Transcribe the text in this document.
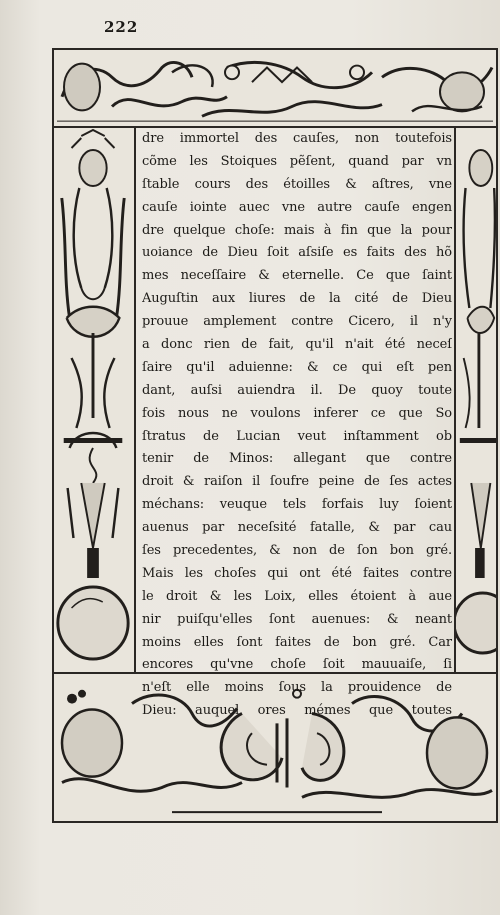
222
dre immortel des cauſes, non toutefois
cõme les Stoiques pẽſent, quand par vn
ſtable cours des étoilles & aſtres, vne
cauſe iointe auec vne autre cauſe engen
dre quelque choſe: mais à fin que la pour
uoiance de Dieu ſoit aſsiſe es faits des hõ
mes neceſſaire & eternelle. Ce que ſaint
Auguſtin aux liures de la cité de Dieu
prouue amplement contre Cicero, il n'y
a donc rien de fait, qu'il n'ait été neceſ
ſaire qu'il aduienne: & ce qui eſt pen
dant, auſsi auiendra il. De quoy toute
fois nous ne voulons inferer ce que So
ſtratus de Lucian veut inſtamment ob
tenir de Minos: allegant que contre
droit & raiſon il ſoufre peine de ſes actes
méchans: veuque tels forfais luy ſoient
auenus par neceſsité fatalle, & par cau
ſes precedentes, & non de ſon bon gré.
Mais les choſes qui ont été faites contre
le droit & les Loix, elles étoient à aue
nir puiſqu'elles ſont auenues: & neant
moins elles ſont faites de bon gré. Car
encores qu'vne choſe ſoit mauuaiſe, ſi
n'eſt elle moins ſous la prouidence de
Dieu: auquel ores mémes que toutes
